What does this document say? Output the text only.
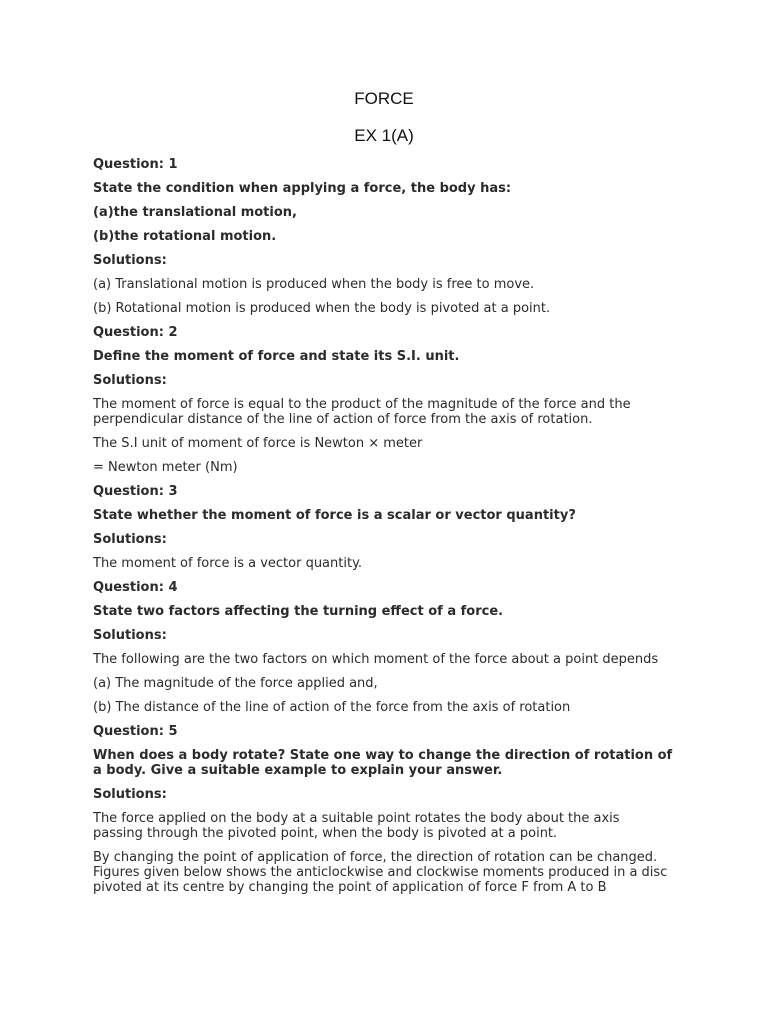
FORCE
EX 1(A)

Question: 1

State the condition when applying a force, the body has:

(a)the translational motion,

(b)the rotational motion.

Solutions:

(a) Translational motion is produced when the body is free to move.

(b) Rotational motion is produced when the body is pivoted at a point.

Question: 2

Define the moment of force and state its S.I. unit.

Solutions:

The moment of force is equal to the product of the magnitude of the force and the perpendicular distance of the line of action of force from the axis of rotation.

The S.I unit of moment of force is Newton × meter

= Newton meter (Nm)

Question: 3

State whether the moment of force is a scalar or vector quantity?

Solutions:

The moment of force is a vector quantity.

Question: 4

State two factors affecting the turning effect of a force.

Solutions:

The following are the two factors on which moment of the force about a point depends

(a) The magnitude of the force applied and,

(b) The distance of the line of action of the force from the axis of rotation

Question: 5

When does a body rotate? State one way to change the direction of rotation of a body. Give a suitable example to explain your answer.

Solutions:

The force applied on the body at a suitable point rotates the body about the axis passing through the pivoted point, when the body is pivoted at a point.

By changing the point of application of force, the direction of rotation can be changed. Figures given below shows the anticlockwise and clockwise moments produced in a disc pivoted at its centre by changing the point of application of force F from A to B
